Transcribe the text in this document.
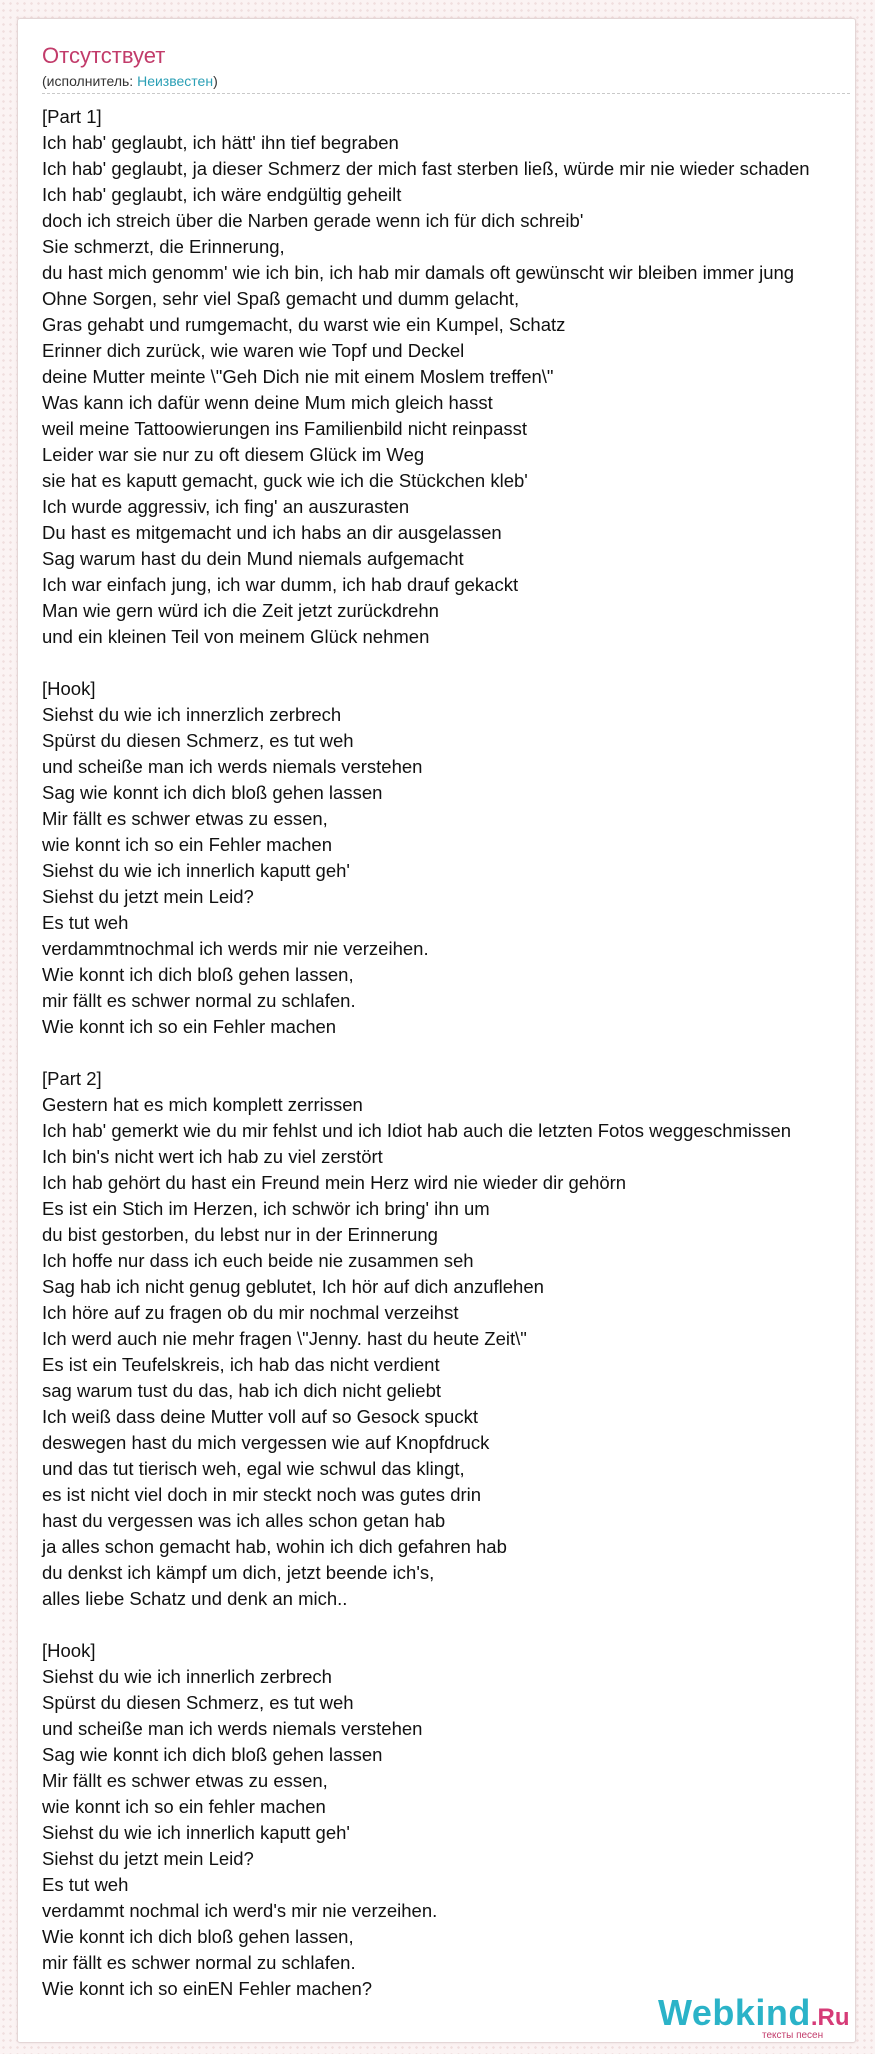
Отсутствует
(исполнитель: Неизвестен)
[Part 1]
Ich hab' geglaubt, ich hätt' ihn tief begraben
Ich hab' geglaubt, ja dieser Schmerz der mich fast sterben ließ, würde mir nie wieder schaden
Ich hab' geglaubt, ich wäre endgültig geheilt
doch ich streich über die Narben gerade wenn ich für dich schreib'
Sie schmerzt, die Erinnerung,
du hast mich genomm' wie ich bin, ich hab mir damals oft gewünscht wir bleiben immer jung
Ohne Sorgen, sehr viel Spaß gemacht und dumm gelacht,
Gras gehabt und rumgemacht, du warst wie ein Kumpel, Schatz
Erinner dich zurück, wie waren wie Topf und Deckel
deine Mutter meinte \"Geh Dich nie mit einem Moslem treffen\"
Was kann ich dafür wenn deine Mum mich gleich hasst
weil meine Tattoowierungen ins Familienbild nicht reinpasst
Leider war sie nur zu oft diesem Glück im Weg
sie hat es kaputt gemacht, guck wie ich die Stückchen kleb'
Ich wurde aggressiv, ich fing' an auszurasten
Du hast es mitgemacht und ich habs an dir ausgelassen
Sag warum hast du dein Mund niemals aufgemacht
Ich war einfach jung, ich war dumm, ich hab drauf gekackt
Man wie gern würd ich die Zeit jetzt zurückdrehn
und ein kleinen Teil von meinem Glück nehmen
[Hook]
Siehst du wie ich innerzlich zerbrech
Spürst du diesen Schmerz, es tut weh
und scheiße man ich werds niemals verstehen
Sag wie konnt ich dich bloß gehen lassen
Mir fällt es schwer etwas zu essen,
wie konnt ich so ein Fehler machen
Siehst du wie ich innerlich kaputt geh'
Siehst du jetzt mein Leid?
Es tut weh
verdammtnochmal ich werds mir nie verzeihen.
Wie konnt ich dich bloß gehen lassen,
mir fällt es schwer normal zu schlafen.
Wie konnt ich so ein Fehler machen
[Part 2]
Gestern hat es mich komplett zerrissen
Ich hab' gemerkt wie du mir fehlst und ich Idiot hab auch die letzten Fotos weggeschmissen
Ich bin's nicht wert ich hab zu viel zerstört
Ich hab gehört du hast ein Freund mein Herz wird nie wieder dir gehörn
Es ist ein Stich im Herzen, ich schwör ich bring' ihn um
du bist gestorben, du lebst nur in der Erinnerung
Ich hoffe nur dass ich euch beide nie zusammen seh
Sag hab ich nicht genug geblutet, Ich hör auf dich anzuflehen
Ich höre auf zu fragen ob du mir nochmal verzeihst
Ich werd auch nie mehr fragen \"Jenny. hast du heute Zeit\"
Es ist ein Teufelskreis, ich hab das nicht verdient
sag warum tust du das, hab ich dich nicht geliebt
Ich weiß dass deine Mutter voll auf so Gesock spuckt
deswegen hast du mich vergessen wie auf Knopfdruck
und das tut tierisch weh, egal wie schwul das klingt,
es ist nicht viel doch in mir steckt noch was gutes drin
hast du vergessen was ich alles schon getan hab
ja alles schon gemacht hab, wohin ich dich gefahren hab
du denkst ich kämpf um dich, jetzt beende ich's,
alles liebe Schatz und denk an mich..
[Hook]
Siehst du wie ich innerlich zerbrech
Spürst du diesen Schmerz, es tut weh
und scheiße man ich werds niemals verstehen
Sag wie konnt ich dich bloß gehen lassen
Mir fällt es schwer etwas zu essen,
wie konnt ich so ein fehler machen
Siehst du wie ich innerlich kaputt geh'
Siehst du jetzt mein Leid?
Es tut weh
verdammt nochmal ich werd's mir nie verzeihen.
Wie konnt ich dich bloß gehen lassen,
mir fällt es schwer normal zu schlafen.
Wie konnt ich so einEN Fehler machen?
Webkind.Ru
тексты песен
